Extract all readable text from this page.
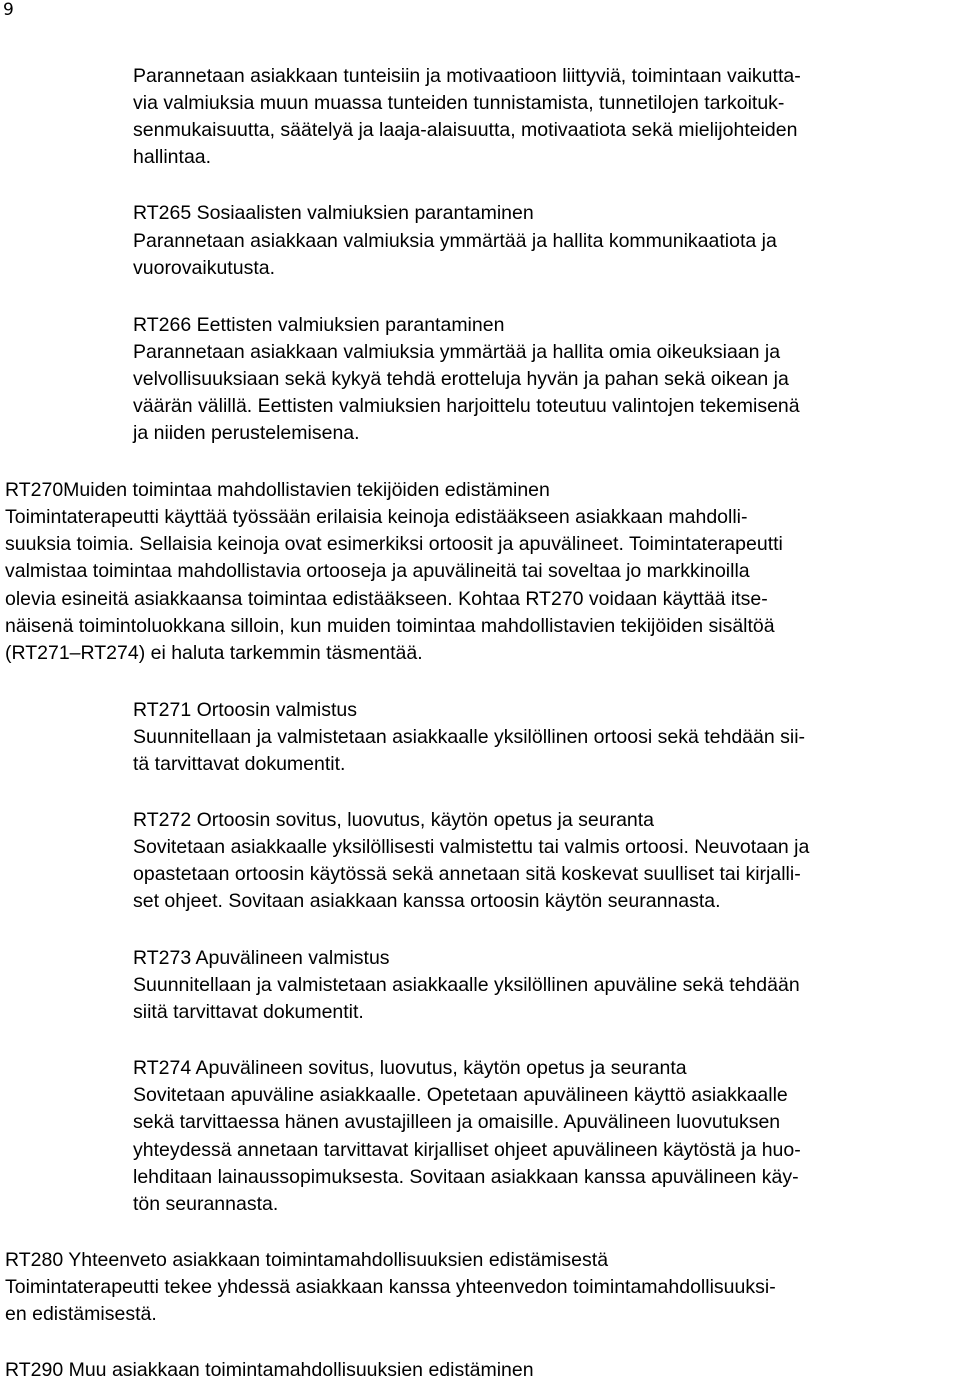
9
Parannetaan asiakkaan tunteisiin ja motivaatioon liittyviä, toimintaan vaikutta-
via valmiuksia muun muassa tunteiden tunnistamista, tunnetilojen tarkoituk-
senmukaisuutta, säätelyä ja laaja-alaisuutta, motivaatiota sekä mielijohteiden
hallintaa.
RT265 Sosiaalisten valmiuksien parantaminen
Parannetaan asiakkaan valmiuksia ymmärtää ja hallita kommunikaatiota ja
vuorovaikutusta.
RT266 Eettisten valmiuksien parantaminen
Parannetaan asiakkaan valmiuksia ymmärtää ja hallita omia oikeuksiaan ja
velvollisuuksiaan sekä kykyä tehdä erotteluja hyvän ja pahan sekä oikean ja
väärän välillä. Eettisten valmiuksien harjoittelu toteutuu valintojen tekemisenä
ja niiden perustelemisena.
RT270Muiden toimintaa mahdollistavien tekijöiden edistäminen
Toimintaterapeutti käyttää työssään erilaisia keinoja edistääkseen asiakkaan mahdolli-
suuksia toimia. Sellaisia keinoja ovat esimerkiksi ortoosit ja apuvälineet. Toimintaterapeutti
valmistaa toimintaa mahdollistavia ortooseja ja apuvälineitä tai soveltaa jo markkinoilla
olevia esineitä asiakkaansa toimintaa edistääkseen. Kohtaa RT270 voidaan käyttää itse-
näisenä toimintoluokkana silloin, kun muiden toimintaa mahdollistavien tekijöiden sisältöä
(RT271–RT274) ei haluta tarkemmin täsmentää.
RT271 Ortoosin valmistus
Suunnitellaan ja valmistetaan asiakkaalle yksilöllinen ortoosi sekä tehdään sii-
tä tarvittavat dokumentit.
RT272 Ortoosin sovitus, luovutus, käytön opetus ja seuranta
Sovitetaan asiakkaalle yksilöllisesti valmistettu tai valmis ortoosi. Neuvotaan ja
opastetaan ortoosin käytössä sekä annetaan sitä koskevat suulliset tai kirjalli-
set ohjeet. Sovitaan asiakkaan kanssa ortoosin käytön seurannasta.
RT273 Apuvälineen valmistus
Suunnitellaan ja valmistetaan asiakkaalle yksilöllinen apuväline sekä tehdään
siitä tarvittavat dokumentit.
RT274 Apuvälineen sovitus, luovutus, käytön opetus ja seuranta
Sovitetaan apuväline asiakkaalle. Opetetaan apuvälineen käyttö asiakkaalle
sekä tarvittaessa hänen avustajilleen ja omaisille. Apuvälineen luovutuksen
yhteydessä annetaan tarvittavat kirjalliset ohjeet apuvälineen käytöstä ja huo-
lehditaan lainaussopimuksesta. Sovitaan asiakkaan kanssa apuvälineen käy-
tön seurannasta.
RT280 Yhteenveto asiakkaan toimintamahdollisuuksien edistämisestä
Toimintaterapeutti tekee yhdessä asiakkaan kanssa yhteenvedon toimintamahdollisuuksi-
en edistämisestä.
RT290 Muu asiakkaan toimintamahdollisuuksien edistäminen
